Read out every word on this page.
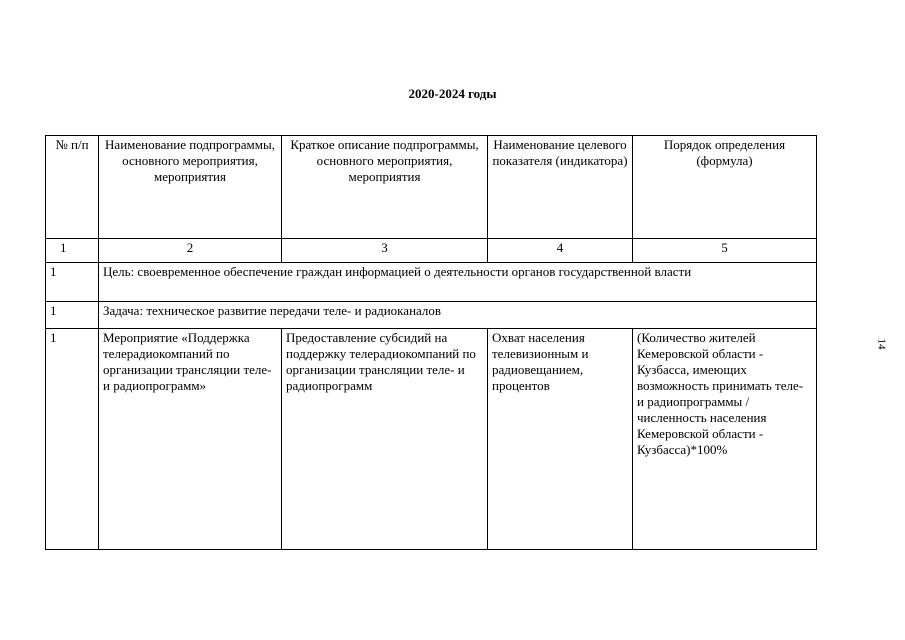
2020-2024 годы
14
№ п/п	Наименование подпрограммы, основного мероприятия, мероприятия	Краткое описание подпрограммы, основного мероприятия, мероприятия	Наименование целевого показателя (индикатора)	Порядок определения (формула)
1	2	3	4	5
1	Цель: своевременное обеспечение граждан информацией о деятельности органов государственной власти			
1	Задача: техническое развитие передачи теле- и радиоканалов			
1	Мероприятие «Поддержка телерадиокомпаний по организации трансляции теле- и радиопрограмм»	Предоставление субсидий на поддержку телерадиокомпаний по организации трансляции теле- и радиопрограмм	Охват населения телевизионным и радиовещанием, процентов	(Количество жителей Кемеровской области - Кузбасса, имеющих возможность принимать теле- и радиопрограммы / численность населения Кемеровской области - Кузбасса)*100%
